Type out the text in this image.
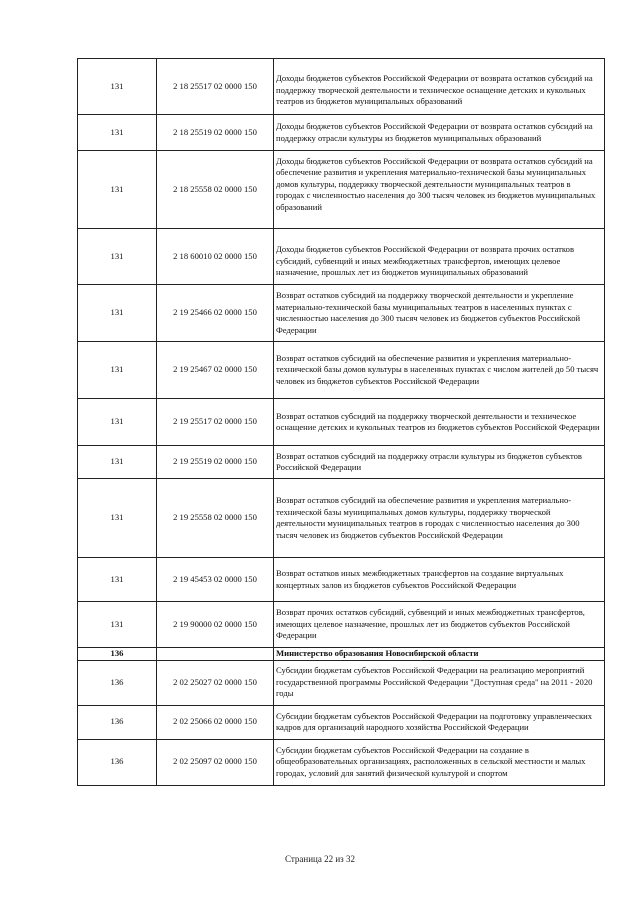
131	2 18 25517 02 0000 150	Доходы бюджетов субъектов Российской Федерации от возврата остатков субсидий на поддержку творческой деятельности и техническое оснащение детских и кукольных театров из бюджетов муниципальных образований
131	2 18 25519 02 0000 150	Доходы бюджетов субъектов Российской Федерации от возврата остатков субсидий на поддержку отрасли культуры из бюджетов муниципальных образований
131	2 18 25558 02 0000 150	Доходы бюджетов субъектов Российской Федерации от возврата остатков субсидий на обеспечение развития и укрепления материально-технической базы муниципальных домов культуры, поддержку творческой деятельности муниципальных театров в городах с численностью населения до 300 тысяч человек из бюджетов муниципальных образований
131	2 18 60010 02 0000 150	Доходы бюджетов субъектов Российской Федерации от возврата прочих остатков субсидий, субвенций и иных межбюджетных трансфертов, имеющих целевое назначение, прошлых лет из бюджетов муниципальных образований
131	2 19 25466 02 0000 150	Возврат остатков субсидий на поддержку творческой деятельности и укрепление материально-технической базы муниципальных театров в населенных пунктах с численностью населения до 300 тысяч человек из бюджетов субъектов Российской Федерации
131	2 19 25467 02 0000 150	Возврат остатков субсидий на обеспечение развития и укрепления материально-технической базы домов культуры в населенных пунктах с числом жителей до 50 тысяч человек из бюджетов субъектов Российской Федерации
131	2 19 25517 02 0000 150	Возврат остатков субсидий на поддержку творческой деятельности и техническое оснащение детских и кукольных театров из бюджетов субъектов Российской Федерации
131	2 19 25519 02 0000 150	Возврат остатков субсидий на поддержку отрасли культуры из бюджетов субъектов Российской Федерации
131	2 19 25558 02 0000 150	Возврат остатков субсидий на обеспечение развития и укрепления материально-технической базы муниципальных домов культуры, поддержку творческой деятельности муниципальных театров в городах с численностью населения до 300 тысяч человек из бюджетов субъектов Российской Федерации
131	2 19 45453 02 0000 150	Возврат остатков иных межбюджетных трансфертов на создание виртуальных концертных залов из бюджетов субъектов Российской Федерации
131	2 19 90000 02 0000 150	Возврат прочих остатков субсидий, субвенций и иных межбюджетных трансфертов, имеющих целевое назначение, прошлых лет из бюджетов субъектов Российской Федерации
136		Министерство образования Новосибирской области
136	2 02 25027 02 0000 150	Субсидии бюджетам субъектов Российской Федерации на реализацию мероприятий государственной программы Российской Федерации "Доступная среда" на 2011 - 2020 годы
136	2 02 25066 02 0000 150	Субсидии бюджетам субъектов Российской Федерации на подготовку управленческих кадров для организаций народного хозяйства Российской Федерации
136	2 02 25097 02 0000 150	Субсидии бюджетам субъектов Российской Федерации на создание в общеобразовательных организациях, расположенных в сельской местности и малых городах, условий для занятий физической культурой и спортом
Страница 22 из 32
